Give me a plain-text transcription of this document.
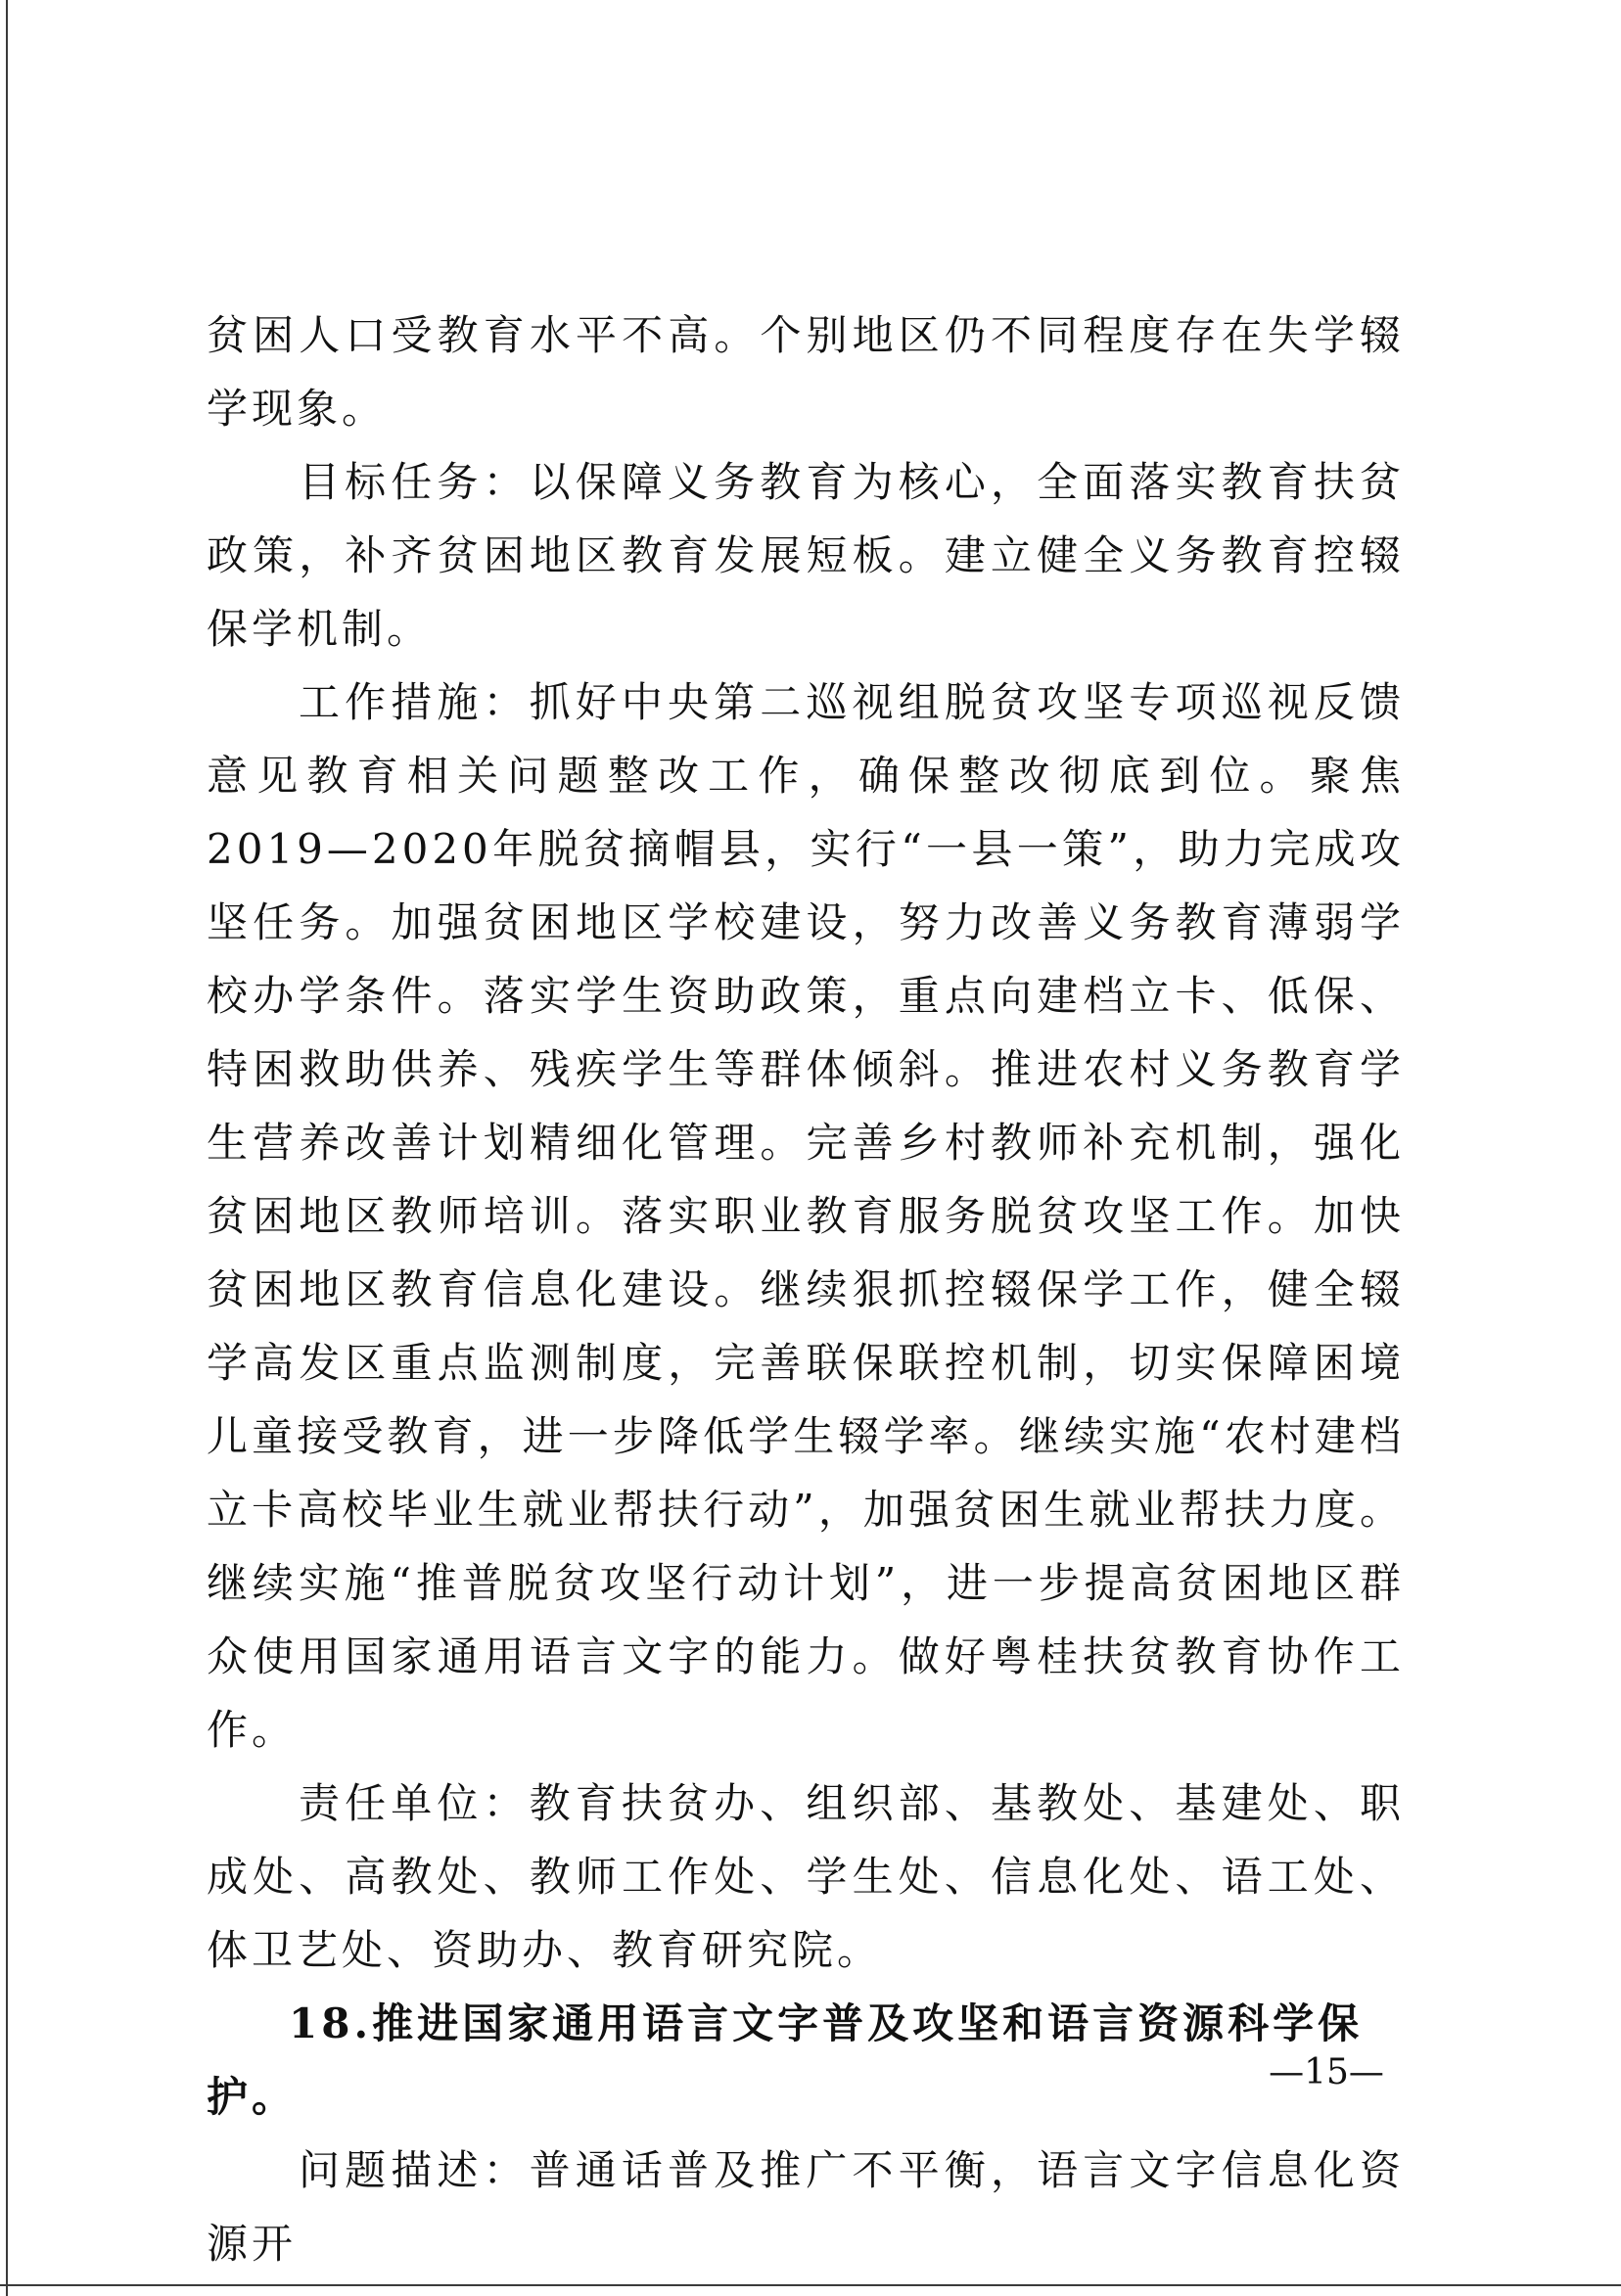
贫困人口受教育水平不高。个别地区仍不同程度存在失学辍学现象。

目标任务：以保障义务教育为核心，全面落实教育扶贫政策，补齐贫困地区教育发展短板。建立健全义务教育控辍保学机制。

工作措施：抓好中央第二巡视组脱贫攻坚专项巡视反馈意见教育相关问题整改工作，确保整改彻底到位。聚焦 2019—2020年脱贫摘帽县，实行“一县一策”，助力完成攻坚任务。加强贫困地区学校建设，努力改善义务教育薄弱学校办学条件。落实学生资助政策，重点向建档立卡、低保、特困救助供养、残疾学生等群体倾斜。推进农村义务教育学生营养改善计划精细化管理。完善乡村教师补充机制，强化贫困地区教师培训。落实职业教育服务脱贫攻坚工作。加快贫困地区教育信息化建设。继续狠抓控辍保学工作，健全辍学高发区重点监测制度，完善联保联控机制，切实保障困境儿童接受教育，进一步降低学生辍学率。继续实施“农村建档立卡高校毕业生就业帮扶行动”，加强贫困生就业帮扶力度。继续实施“推普脱贫攻坚行动计划”，进一步提高贫困地区群众使用国家通用语言文字的能力。做好粤桂扶贫教育协作工作。

责任单位：教育扶贫办、组织部、基教处、基建处、职成处、高教处、教师工作处、学生处、信息化处、语工处、体卫艺处、资助办、教育研究院。

18.推进国家通用语言文字普及攻坚和语言资源科学保护。

问题描述：普通话普及推广不平衡，语言文字信息化资源开

—15—
